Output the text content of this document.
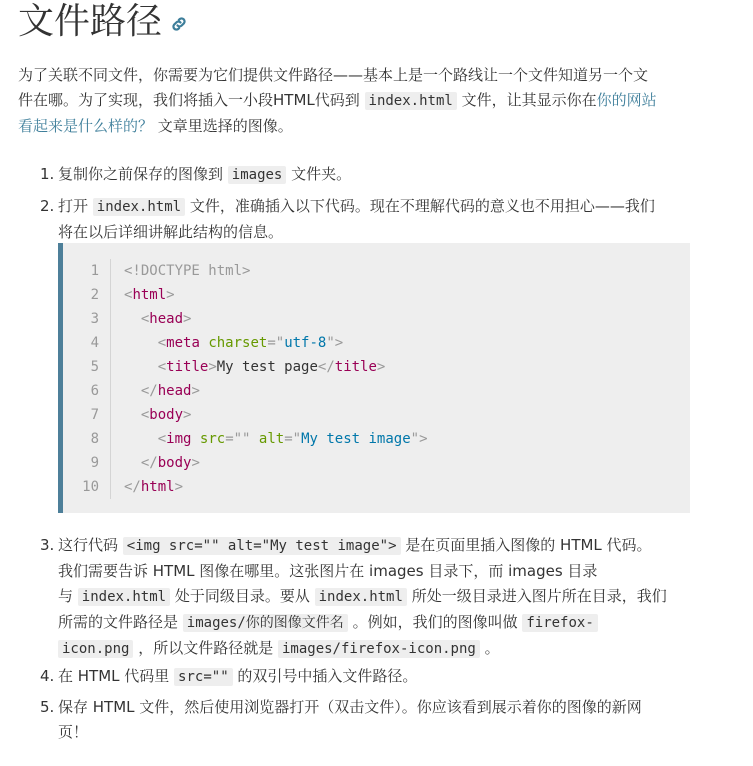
文件路径
为了关联不同文件，你需要为它们提供文件路径——基本上是一个路线让一个文件知道另一个文
件在哪。为了实现，我们将插入一小段HTML代码到 index.html 文件，让其显示你在你的网站
看起来是什么样的？ 文章里选择的图像。
1. 复制你之前保存的图像到 images 文件夹。
2. 打开 index.html 文件，准确插入以下代码。现在不理解代码的意义也不用担心——我们
将在以后详细讲解此结构的信息。
1 <!DOCTYPE html>
2 <html>
3	<head>
4	<meta charset="utf-8">
5	<title>My test page</title>
6	</head>
7	<body>
8	<img src="" alt="My test image">
9	</body>
10 </html>
3. 这行代码 <img src="" alt="My test image"> 是在页面里插入图像的 HTML 代码。
我们需要告诉 HTML 图像在哪里。这张图片在 images 目录下，而 images 目录
与 index.html 处于同级目录。要从 index.html 所处一级目录进入图片所在目录，我们
所需的文件路径是 images/你的图像文件名 。例如，我们的图像叫做 firefox-
icon.png ，所以文件路径就是 images/firefox-icon.png 。
4. 在 HTML 代码里 src="" 的双引号中插入文件路径。
5. 保存 HTML 文件，然后使用浏览器打开（双击文件）。你应该看到展示着你的图像的新网
页！
